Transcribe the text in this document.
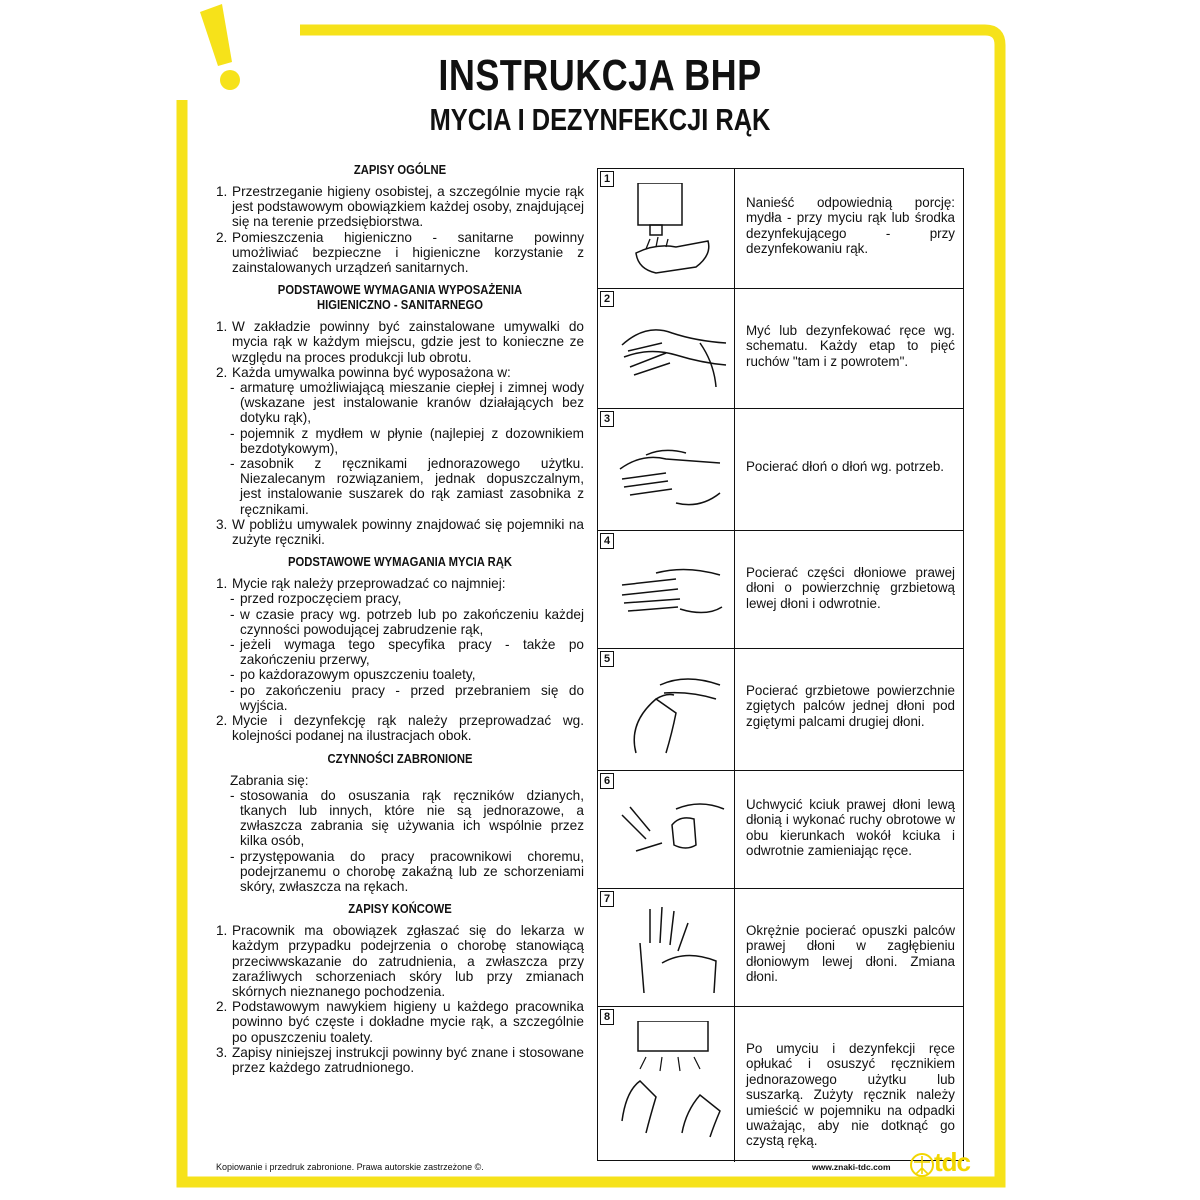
INSTRUKCJA BHP
MYCIA I DEZYNFEKCJI RĄK
ZAPISY OGÓLNE
1. Przestrzeganie higieny osobistej, a szczególnie mycie rąk jest podstawowym obowiązkiem każdej osoby, znajdującej się na terenie przedsiębiorstwa.
2. Pomieszczenia higieniczno - sanitarne powinny umożliwiać bezpieczne i higieniczne korzystanie z zainstalowanych urządzeń sanitarnych.
PODSTAWOWE WYMAGANIA WYPOSAŻENIA
HIGIENICZNO - SANITARNEGO
1. W zakładzie powinny być zainstalowane umywalki do mycia rąk w każdym miejscu, gdzie jest to konieczne ze względu na proces produkcji lub obrotu.
2. Każda umywalka powinna być wyposażona w:
- armaturę umożliwiającą mieszanie ciepłej i zimnej wody (wskazane jest instalowanie kranów działających bez dotyku rąk),
- pojemnik z mydłem w płynie (najlepiej z dozownikiem bezdotykowym),
- zasobnik z ręcznikami jednorazowego użytku. Niezalecanym rozwiązaniem, jednak dopuszczalnym, jest instalowanie suszarek do rąk zamiast zasobnika z ręcznikami.
3. W pobliżu umywalek powinny znajdować się pojemniki na zużyte ręczniki.
PODSTAWOWE WYMAGANIA MYCIA RĄK
1. Mycie rąk należy przeprowadzać co najmniej:
- przed rozpoczęciem pracy,
- w czasie pracy wg. potrzeb lub po zakończeniu każdej czynności powodującej zabrudzenie rąk,
- jeżeli wymaga tego specyfika pracy - także po zakończeniu przerwy,
- po każdorazowym opuszczeniu toalety,
- po zakończeniu pracy - przed przebraniem się do wyjścia.
2. Mycie i dezynfekcję rąk należy przeprowadzać wg. kolejności podanej na ilustracjach obok.
CZYNNOŚCI ZABRONIONE
Zabrania się:
- stosowania do osuszania rąk ręczników dzianych, tkanych lub innych, które nie są jednorazowe, a zwłaszcza zabrania się używania ich wspólnie przez kilka osób,
- przystępowania do pracy pracownikowi choremu, podejrzanemu o chorobę zakaźną lub ze schorzeniami skóry, zwłaszcza na rękach.
ZAPISY KOŃCOWE
1. Pracownik ma obowiązek zgłaszać się do lekarza w każdym przypadku podejrzenia o chorobę stanowiącą przeciwwskazanie do zatrudnienia, a zwłaszcza przy zaraźliwych schorzeniach skóry lub przy zmianach skórnych nieznanego pochodzenia.
2. Podstawowym nawykiem higieny u każdego pracownika powinno być częste i dokładne mycie rąk, a szczególnie po opuszczeniu toalety.
3. Zapisy niniejszej instrukcji powinny być znane i stosowane przez każdego zatrudnionego.
1
Nanieść odpowiednią porcję: mydła - przy myciu rąk lub środka dezynfekującego - przy dezynfekowaniu rąk.
2
Myć lub dezynfekować ręce wg. schematu. Każdy etap to pięć ruchów "tam i z powrotem".
3
Pocierać dłoń o dłoń wg. potrzeb.
4
Pocierać części dłoniowe prawej dłoni o powierzchnię grzbietową lewej dłoni i odwrotnie.
5
Pocierać grzbietowe powierzchnie zgiętych palców jednej dłoni pod zgiętymi palcami drugiej dłoni.
6
Uchwycić kciuk prawej dłoni lewą dłonią i wykonać ruchy obrotowe w obu kierunkach wokół kciuka i odwrotnie zamieniając ręce.
7
Okrężnie pocierać opuszki palców prawej dłoni w zagłębieniu dłoniowym lewej dłoni. Zmiana dłoni.
8
Po umyciu i dezynfekcji ręce opłukać i osuszyć ręcznikiem jednorazowego użytku lub suszarką. Zużyty ręcznik należy umieścić w pojemniku na odpadki uważając, aby nie dotknąć go czystą ręką.
Kopiowanie i przedruk zabronione. Prawa autorskie zastrzeżone ©.	www.znaki-tdc.com tdc
